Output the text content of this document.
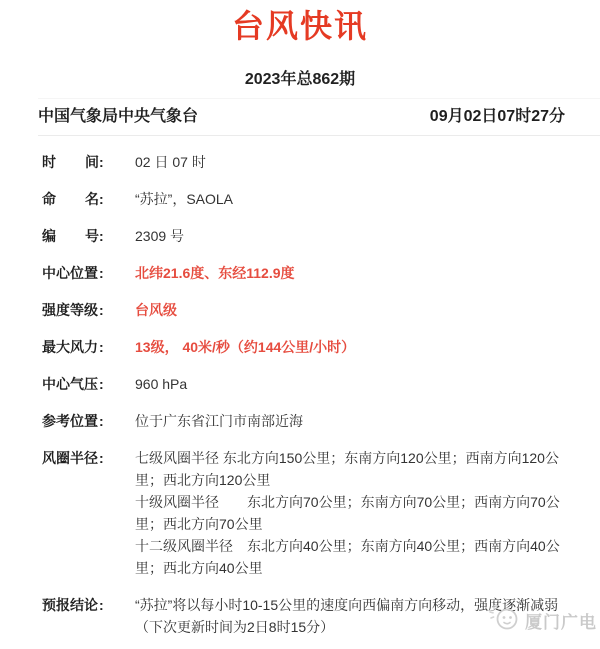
台风快讯
2023年总862期
中国气象局中央气象台	09月02日07时27分
时间:	02 日 07 时
命名:	“苏拉”，SAOLA
编号:	2309 号
中心位置:	北纬21.6度、东经112.9度
强度等级:	台风级
最大风力:	13级， 40米/秒（约144公里/小时）
中心气压:	960 hPa
参考位置:	位于广东省江门市南部近海
风圈半径:	七级风圈半径 东北方向150公里；东南方向120公里；西南方向120公里；西北方向120公里
十级风圈半径　　东北方向70公里；东南方向70公里；西南方向70公里；西北方向70公里
十二级风圈半径　东北方向40公里；东南方向40公里；西南方向40公里；西北方向40公里
预报结论:	“苏拉”将以每小时10-15公里的速度向西偏南方向移动，强度逐渐减弱
（下次更新时间为2日8时15分）	厦门广电
